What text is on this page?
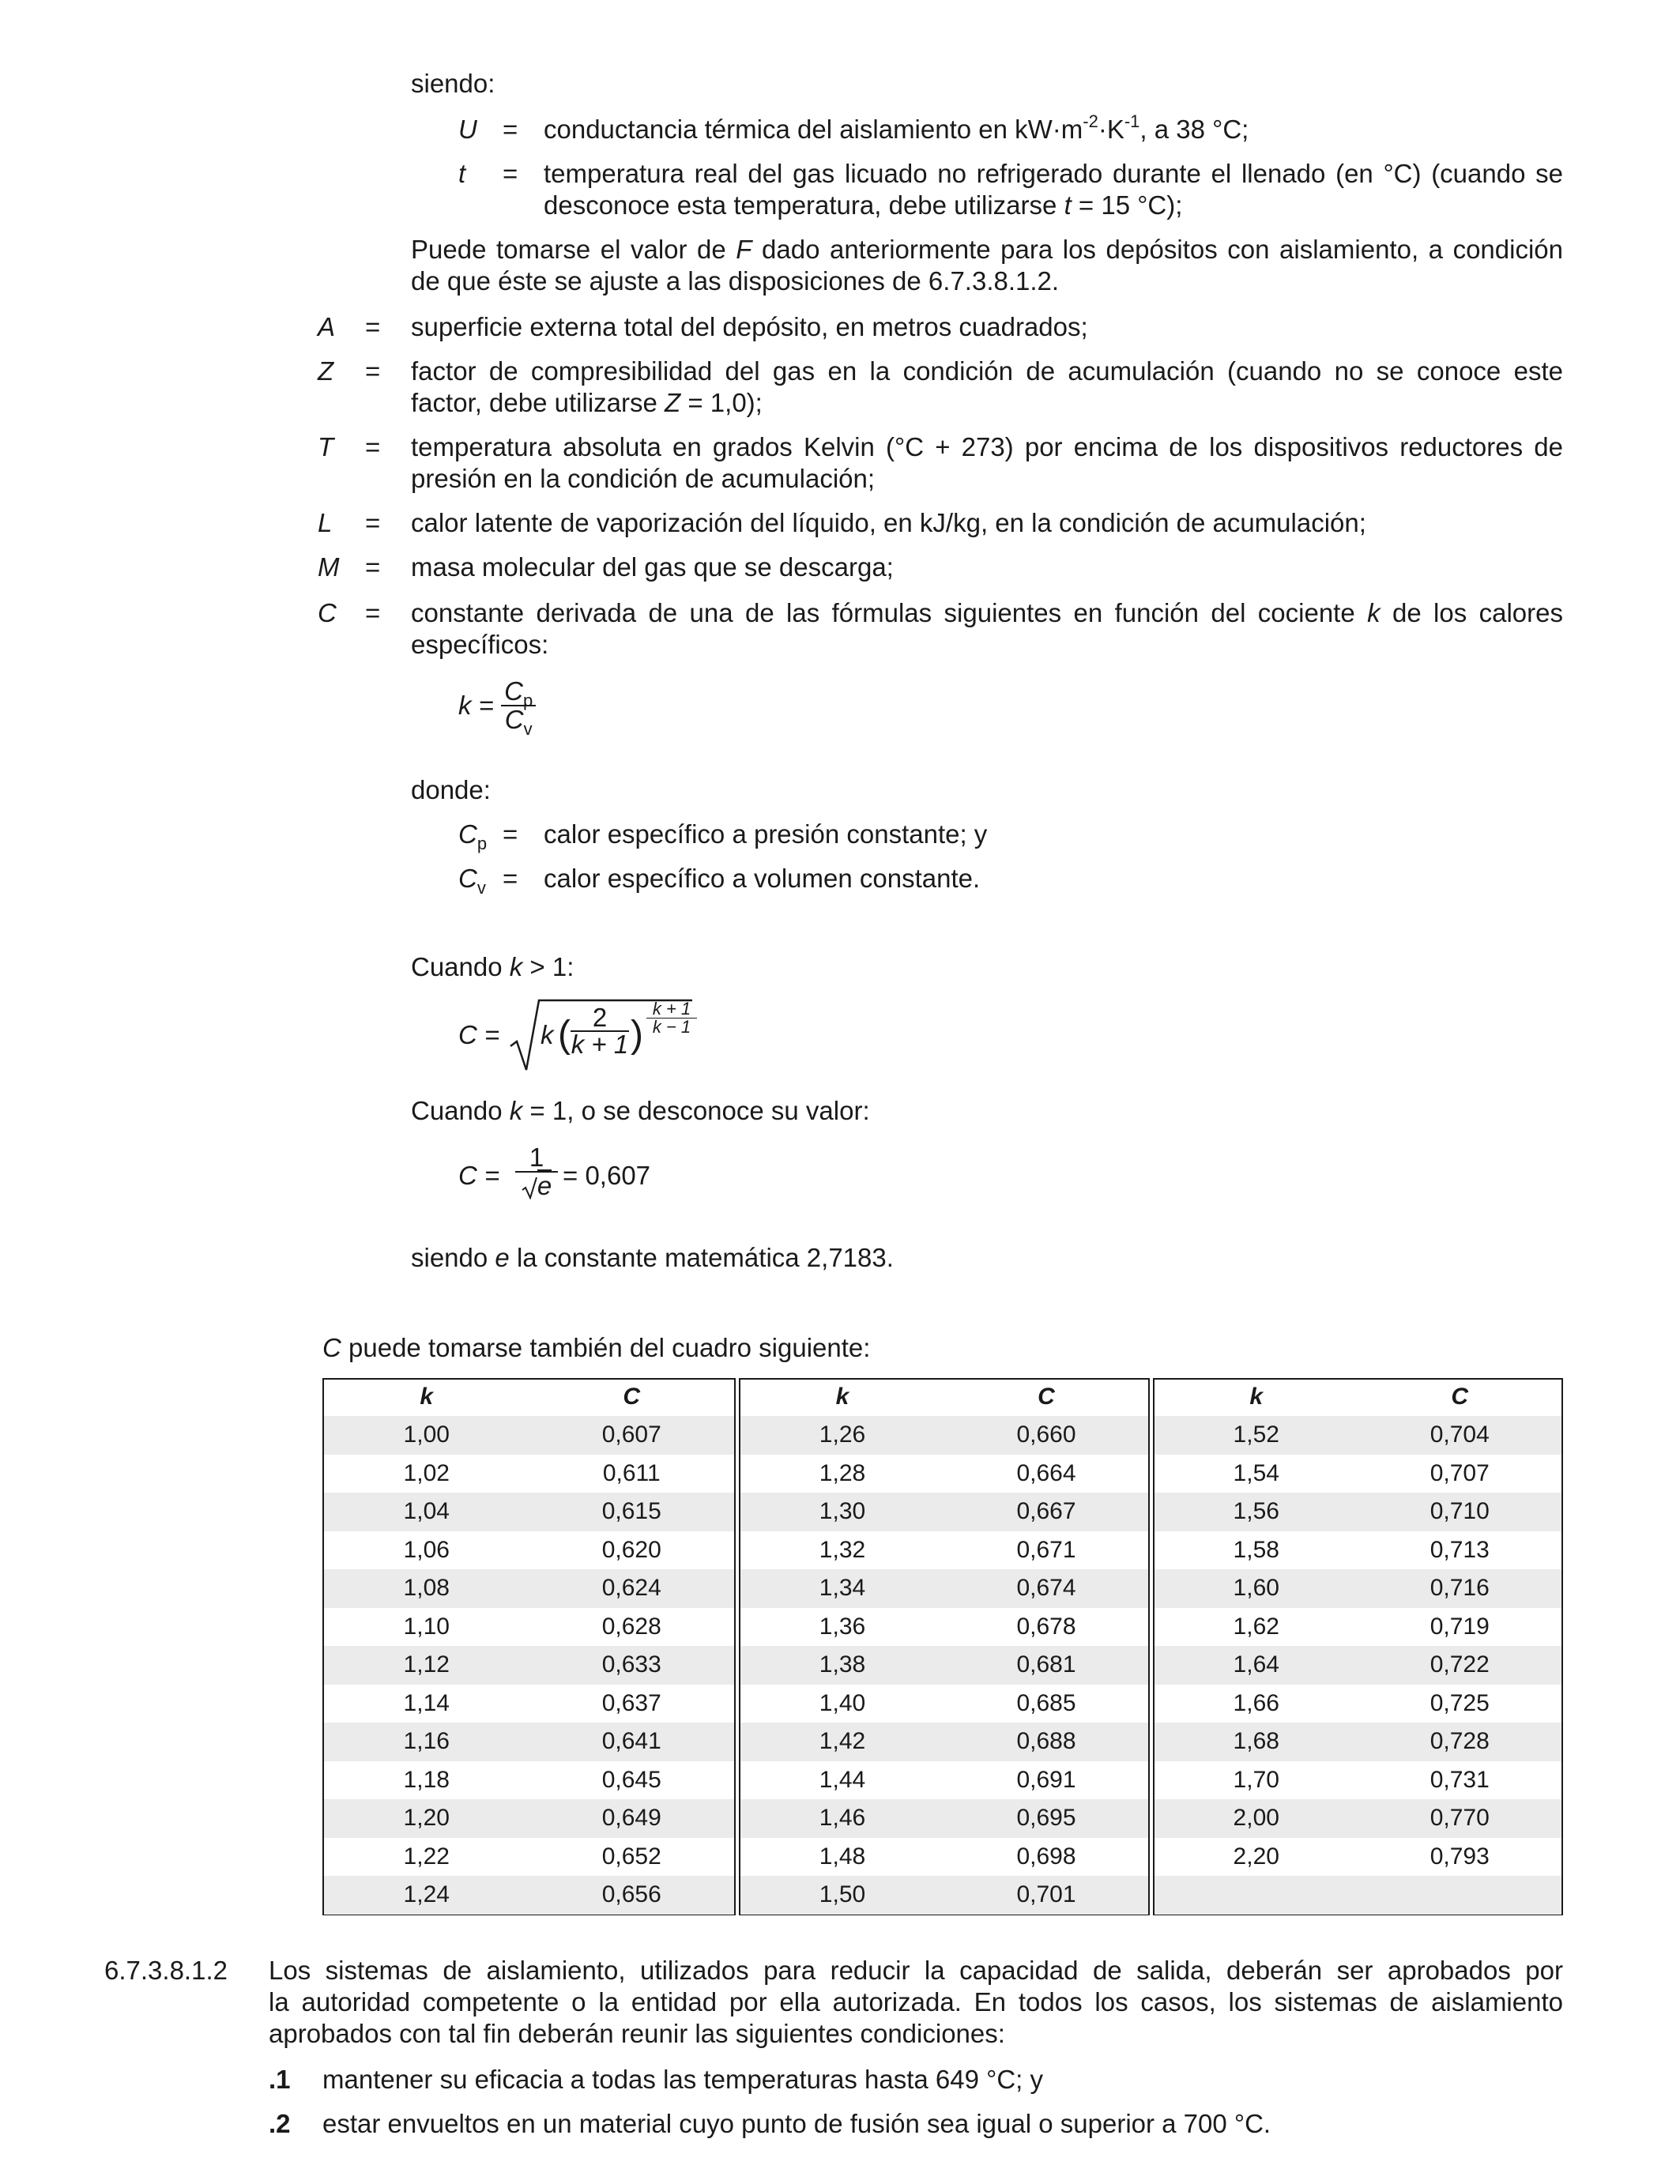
siendo:
U = conductancia térmica del aislamiento en $kW\cdot m^{-2}\cdot K^{-1}$, a 38 °C;
t	= temperatura real del gas licuado no refrigerado durante el llenado (en °C) (cuando se
desconoce esta temperatura, debe utilizarse t = 15 °C);
Puede tomarse el valor de F dado anteriormente para los depósitos con aislamiento, a condición
de que éste se ajuste a las disposiciones de 6.7.3.8.1.2.
A	=	superficie externa total del depósito, en metros cuadrados;
Z	=	factor de compresibilidad del gas en la condición de acumulación (cuando no se conoce este
factor, debe utilizarse Z = 1,0);
T	=	temperatura absoluta en grados Kelvin (°C + 273) por encima de los dispositivos reductores de
presión en la condición de acumulación;
L	=	calor latente de vaporización del líquido, en kJ/kg, en la condición de acumulación;
M =	masa molecular del gas que se descarga;
C	=	constante derivada de una de las fórmulas siguientes en función del cociente k de los calores
específicos:
$k = \frac{C_p}{C_v}$
donde:
$C_p$ = calor específico a presión constante; y
$C_v$ = calor específico a volumen constante.
Cuando k > 1:
C = k ( 2
k + 1 )
k + 1
k − 1
Cuando k = 1, o se desconoce su valor:
C =
1
e = 0,607
siendo e la constante matemática 2,7183.
C puede tomarse también del cuadro siguiente:
k	C
1,00	0,607
1,02	0,611
1,04	0,615
1,06	0,620
1,08	0,624
1,10	0,628
1,12	0,633
1,14	0,637
1,16	0,641
1,18	0,645
1,20	0,649
1,22	0,652
1,24	0,656
k	C
1,26	0,660
1,28	0,664
1,30	0,667
1,32	0,671
1,34	0,674
1,36	0,678
1,38	0,681
1,40	0,685
1,42	0,688
1,44	0,691
1,46	0,695
1,48	0,698
1,50	0,701
k	C
1,52	0,704
1,54	0,707
1,56	0,710
1,58	0,713
1,60	0,716
1,62	0,719
1,64	0,722
1,66	0,725
1,68	0,728
1,70	0,731
2,00	0,770
2,20	0,793
6.7.3.8.1.2	Los sistemas de aislamiento, utilizados para reducir la capacidad de salida, deberán ser aprobados por
la autoridad competente o la entidad por ella autorizada. En todos los casos, los sistemas de aislamiento
aprobados con tal fin deberán reunir las siguientes condiciones:
.1 mantener su eficacia a todas las temperaturas hasta 649 °C; y
.2 estar envueltos en un material cuyo punto de fusión sea igual o superior a 700 °C.
